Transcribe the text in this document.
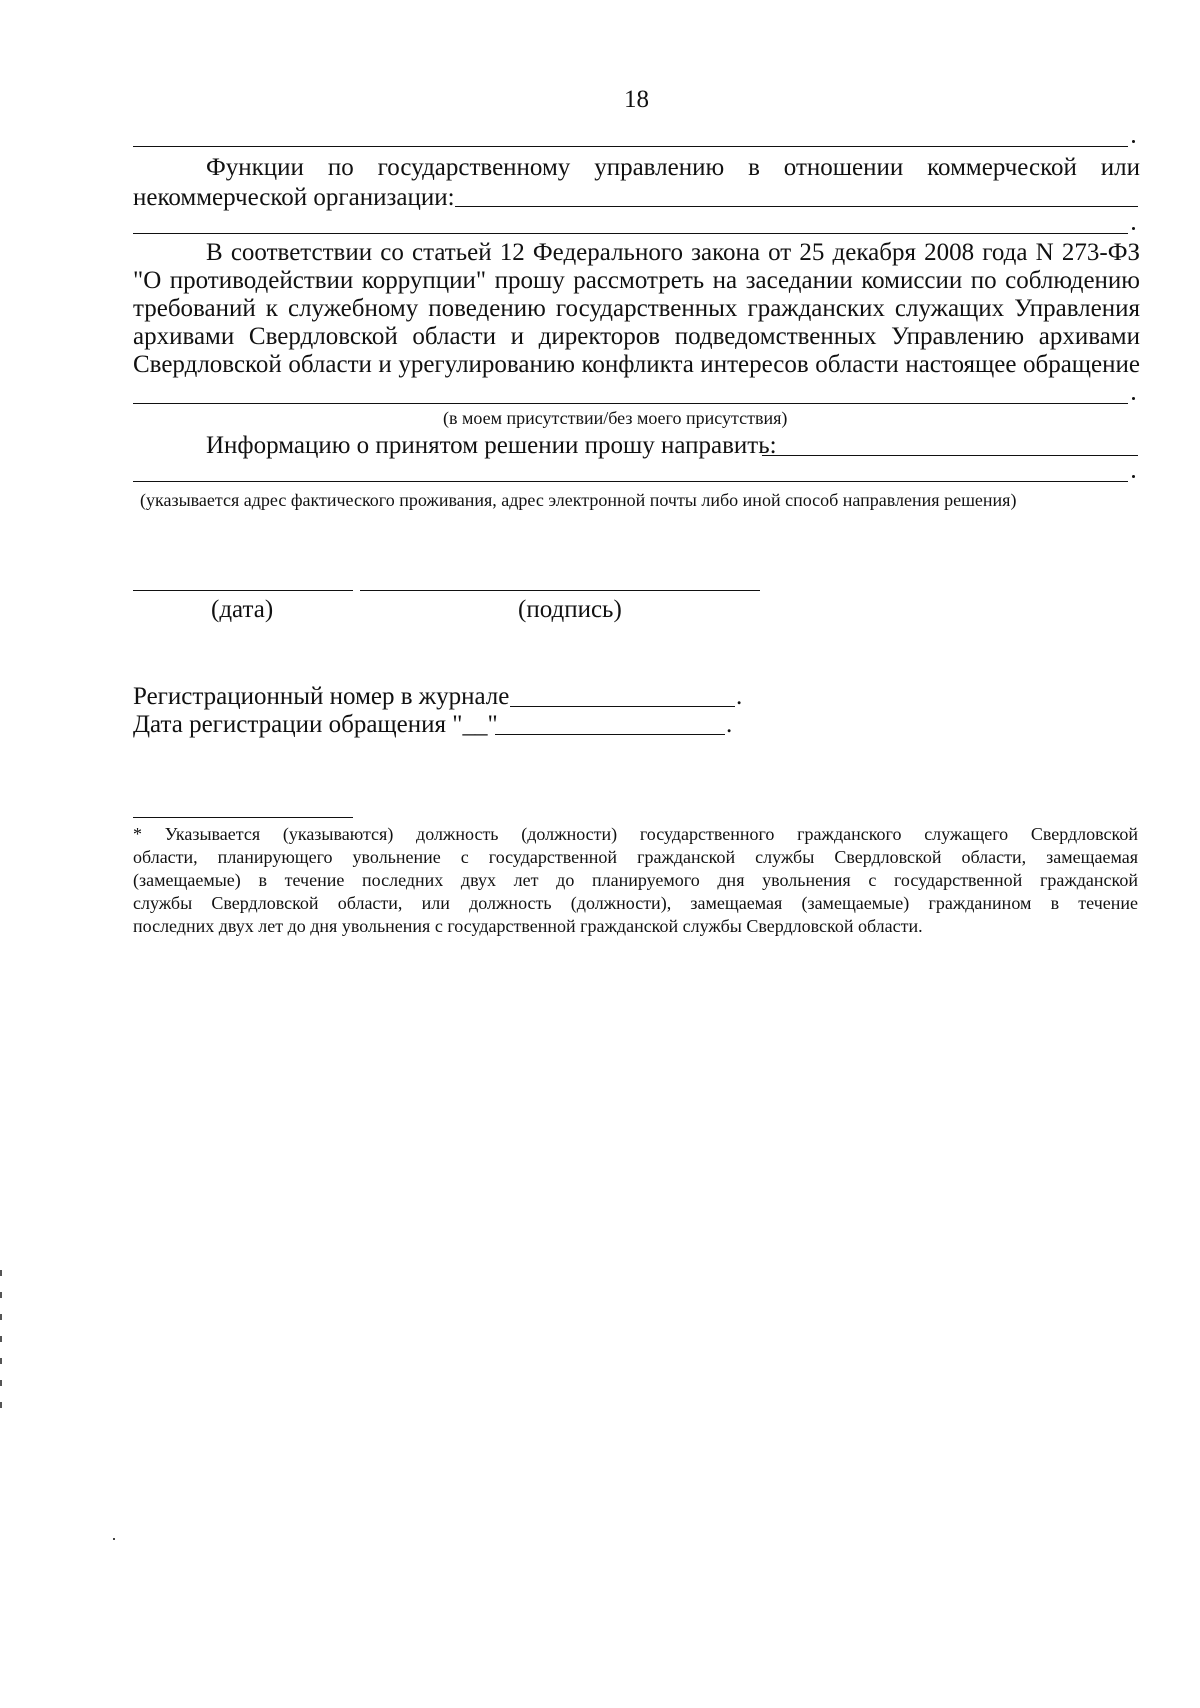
18
Функции по государственному управлению в отношении коммерческой или
некоммерческой организации:
В соответствии со статьей 12 Федерального закона от 25 декабря 2008 года N 273-ФЗ
"О противодействии коррупции" прошу рассмотреть на заседании комиссии по соблюдению
требований к служебному поведению государственных гражданских служащих Управления
архивами Свердловской области и директоров подведомственных Управлению архивами
Свердловской области и урегулированию конфликта интересов области настоящее обращение
(в моем присутствии/без моего присутствия)
Информацию о принятом решении прошу направить:
(указывается адрес фактического проживания, адрес электронной почты либо иной способ направления решения)
(дата)	(подпись)
Регистрационный номер в журнале	.
Дата регистрации обращения "__"	.
* Указывается (указываются) должность (должности) государственного гражданского служащего Свердловской
области, планирующего увольнение с государственной гражданской службы Свердловской области, замещаемая
(замещаемые) в течение последних двух лет до планируемого дня увольнения с государственной гражданской
службы Свердловской области, или должность (должности), замещаемая (замещаемые) гражданином в течение
последних двух лет до дня увольнения с государственной гражданской службы Свердловской области.
